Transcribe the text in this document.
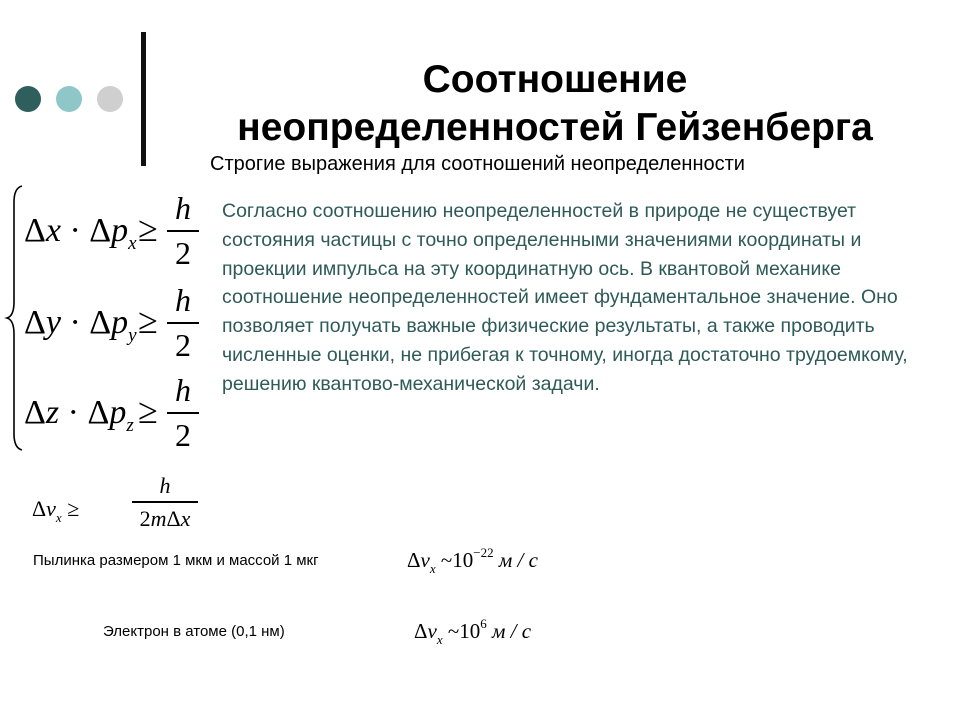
Соотношение
неопределенностей Гейзенберга
Строгие выражения для соотношений неопределенности
$\Delta x \cdot \Delta p_x$ ≥
h
2
$\Delta y \cdot \Delta p_y$ ≥
h
2
$\Delta z \cdot \Delta p_z$ ≥
h
2
Согласно соотношению неопределенностей в природе не существует состояния частицы с точно определенными значениями координаты и проекции импульса на эту координатную ось. В квантовой механике соотношение неопределенностей имеет фундаментальное значение. Оно позволяет получать важные физические результаты, а также проводить численные оценки, не прибегая к точному, иногда достаточно трудоемкому, решению квантово-механической задачи.
$\Delta v_x$ ≥
h
2mΔx
Пылинка размером 1 мкм и массой 1 мкг	$\Delta v_x$ $\sim 10^{-22}$ м / с
Электрон в атоме (0,1 нм)	$\Delta v_x$ $\sim 10^6$ м / с
